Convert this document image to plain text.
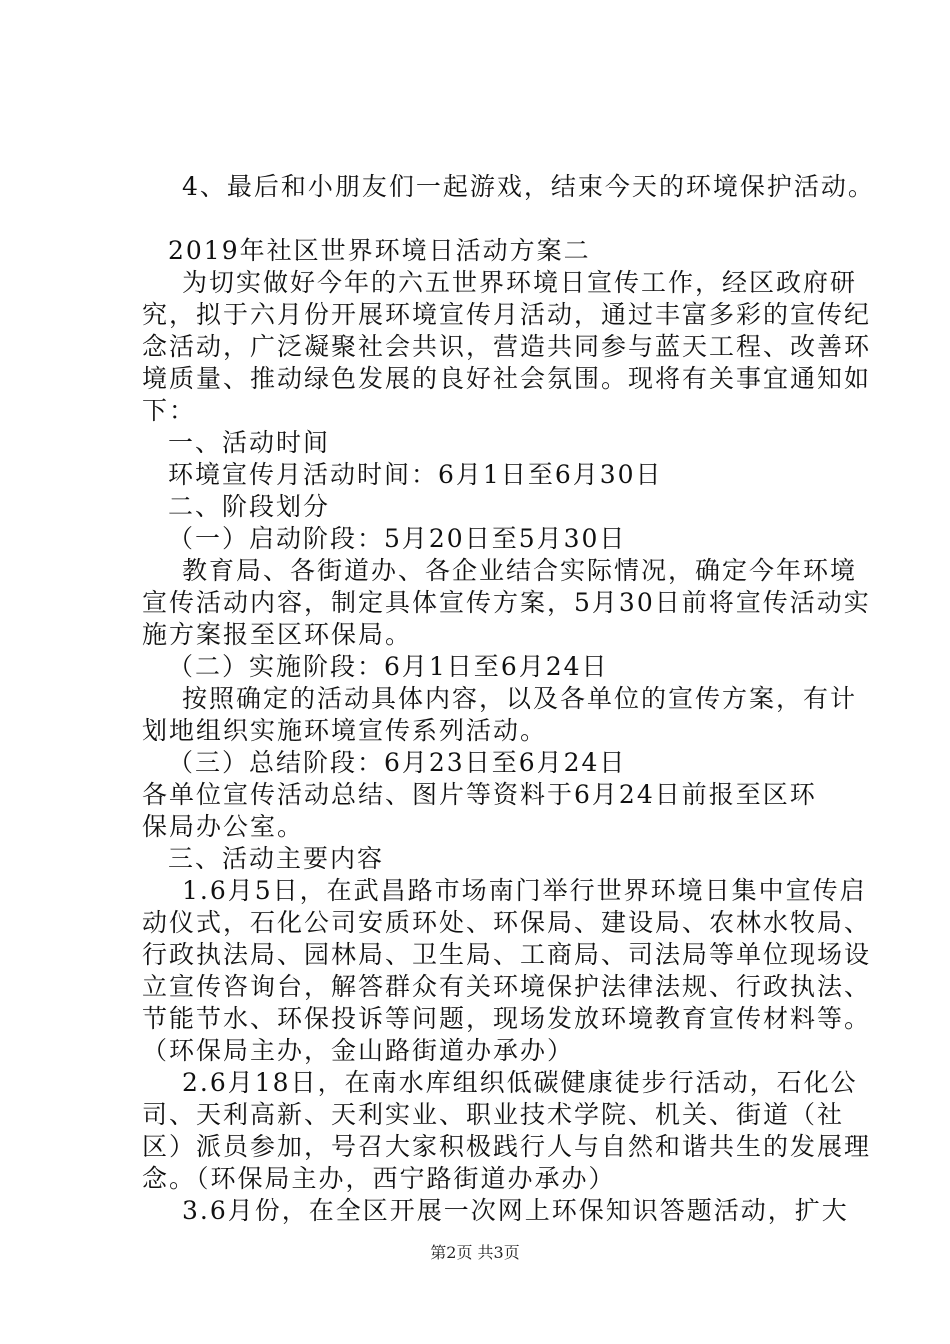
4、最后和小朋友们一起游戏，结束今天的环境保护活动。
2019年社区世界环境日活动方案二
为切实做好今年的六五世界环境日宣传工作，经区政府研
究，拟于六月份开展环境宣传月活动，通过丰富多彩的宣传纪
念活动，广泛凝聚社会共识，营造共同参与蓝天工程、改善环
境质量、推动绿色发展的良好社会氛围。现将有关事宜通知如
下：
一、活动时间
环境宣传月活动时间：6月1日至6月30日
二、阶段划分
（一）启动阶段：5月20日至5月30日
教育局、各街道办、各企业结合实际情况，确定今年环境
宣传活动内容，制定具体宣传方案，5月30日前将宣传活动实
施方案报至区环保局。
（二）实施阶段：6月1日至6月24日
按照确定的活动具体内容，以及各单位的宣传方案，有计
划地组织实施环境宣传系列活动。
（三）总结阶段：6月23日至6月24日
各单位宣传活动总结、图片等资料于6月24日前报至区环
保局办公室。
三、活动主要内容
1.6月5日，在武昌路市场南门举行世界环境日集中宣传启
动仪式，石化公司安质环处、环保局、建设局、农林水牧局、
行政执法局、园林局、卫生局、工商局、司法局等单位现场设
立宣传咨询台，解答群众有关环境保护法律法规、行政执法、
节能节水、环保投诉等问题，现场发放环境教育宣传材料等。
（环保局主办，金山路街道办承办）
2.6月18日，在南水库组织低碳健康徒步行活动，石化公
司、天利高新、天利实业、职业技术学院、机关、街道（社
区）派员参加，号召大家积极践行人与自然和谐共生的发展理
念。（环保局主办，西宁路街道办承办）
3.6月份，在全区开展一次网上环保知识答题活动，扩大
第2页 共3页
